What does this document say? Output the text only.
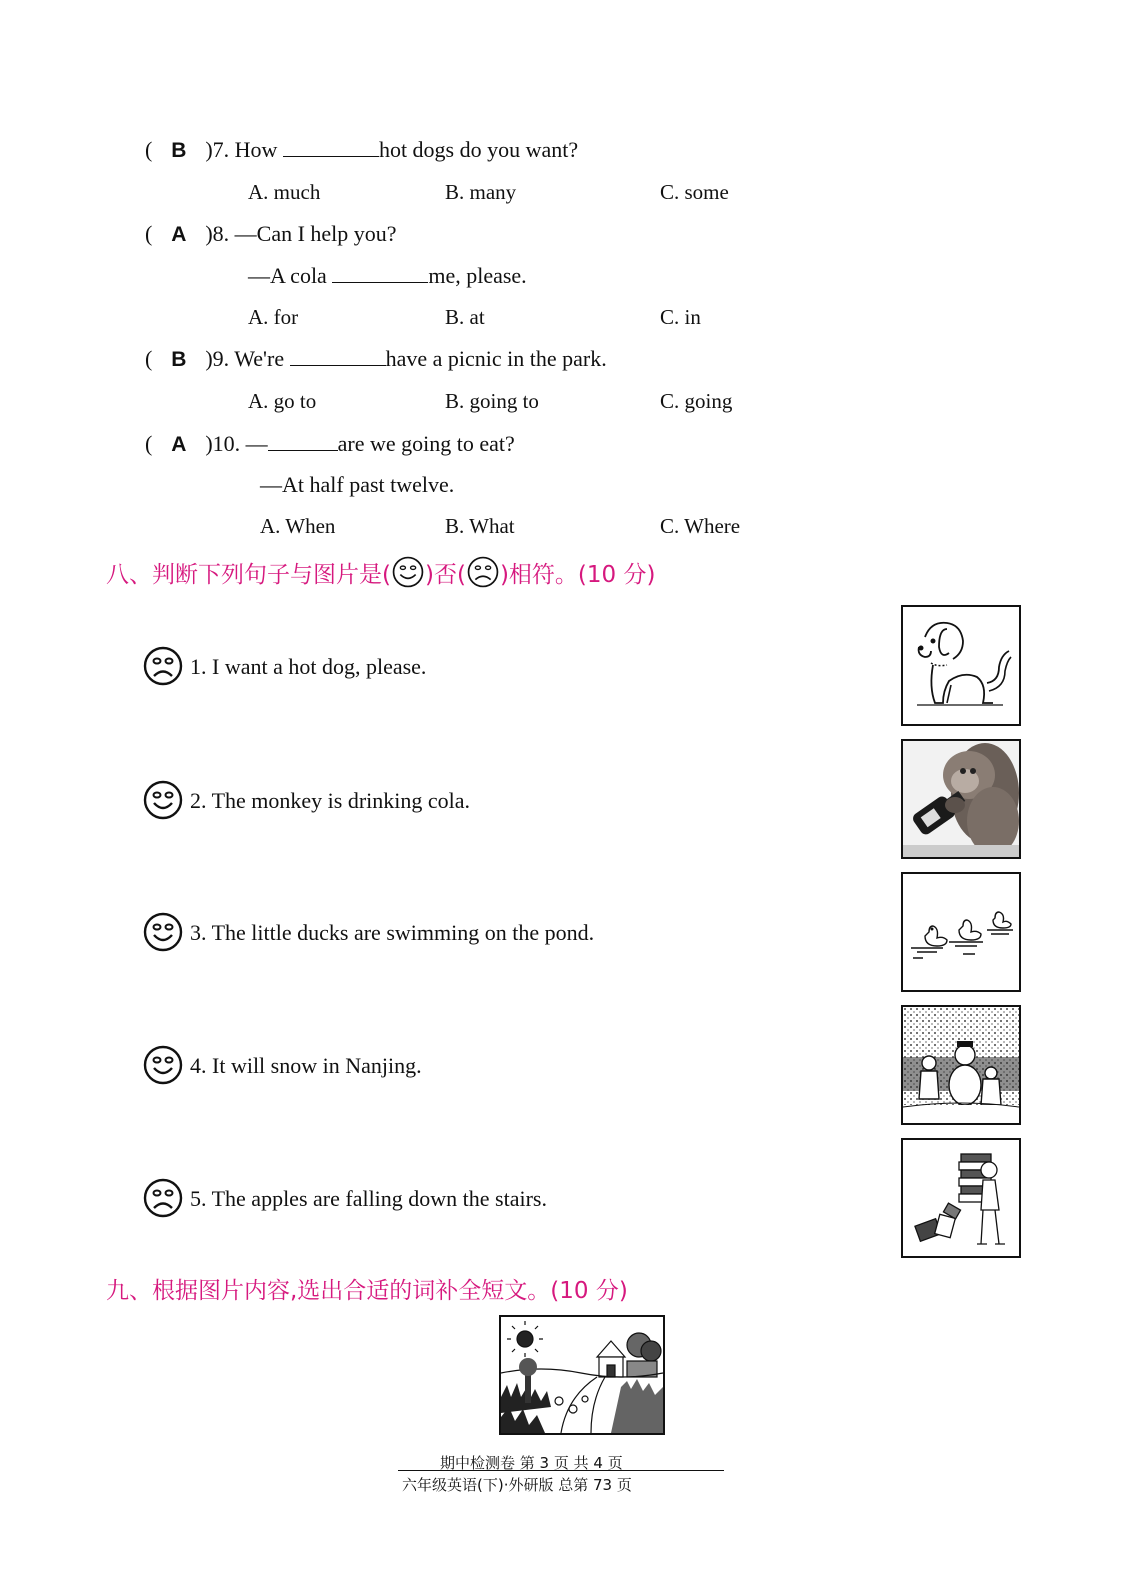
( B )7. How	hot dogs do you want?
A. much	B. many	C. some
( A )8. —Can I help you?
—A cola	me, please.
A. for	B. at	C. in
( B )9. We're	have a picnic in the park.
A. go to	B. going to	C. going
( A )10. —	are we going to eat?
—At half past twelve.
A. When	B. What	C. Where
八、判断下列句子与图片是( )否( )相符。(10 分)
1. I want a hot dog, please.
2. The monkey is drinking cola.
3. The little ducks are swimming on the pond.
4. It will snow in Nanjing.
5. The apples are falling down the stairs.
九、根据图片内容,选出合适的词补全短文。(10 分)
期中检测卷 第 3 页 共 4 页
六年级英语(下)·外研版 总第 73 页
